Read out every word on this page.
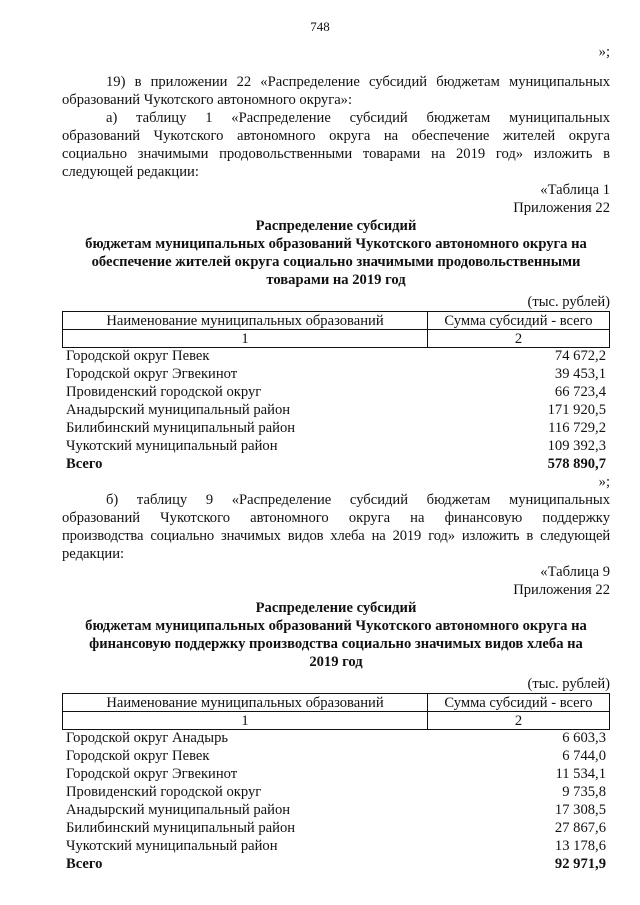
748
»;
19) в приложении 22 «Распределение субсидий бюджетам муниципальных
образований Чукотского автономного округа»:
а) таблицу 1 «Распределение субсидий бюджетам муниципальных
образований Чукотского автономного округа на обеспечение жителей округа
социально значимыми продовольственными товарами на 2019 год» изложить в
следующей редакции:
«Таблица 1
Приложения 22
Распределение субсидий
бюджетам муниципальных образований Чукотского автономного округа на
обеспечение жителей округа социально значимыми продовольственными
товарами на 2019 год
(тыс. рублей)
Наименование муниципальных образований	Сумма субсидий - всего
1	2
Городской округ Певек	74 672,2
Городской округ Эгвекинот	39 453,1
Провиденский городской округ	66 723,4
Анадырский муниципальный район	171 920,5
Билибинский муниципальный район	116 729,2
Чукотский муниципальный район	109 392,3
Всего	578 890,7
»;
б) таблицу 9 «Распределение субсидий бюджетам муниципальных
образований Чукотского автономного округа на финансовую поддержку
производства социально значимых видов хлеба на 2019 год» изложить в следующей
редакции:
«Таблица 9
Приложения 22
Распределение субсидий
бюджетам муниципальных образований Чукотского автономного округа на
финансовую поддержку производства социально значимых видов хлеба на
2019 год
(тыс. рублей)
Наименование муниципальных образований	Сумма субсидий - всего
1	2
Городской округ Анадырь	6 603,3
Городской округ Певек	6 744,0
Городской округ Эгвекинот	11 534,1
Провиденский городской округ	9 735,8
Анадырский муниципальный район	17 308,5
Билибинский муниципальный район	27 867,6
Чукотский муниципальный район	13 178,6
Всего	92 971,9
